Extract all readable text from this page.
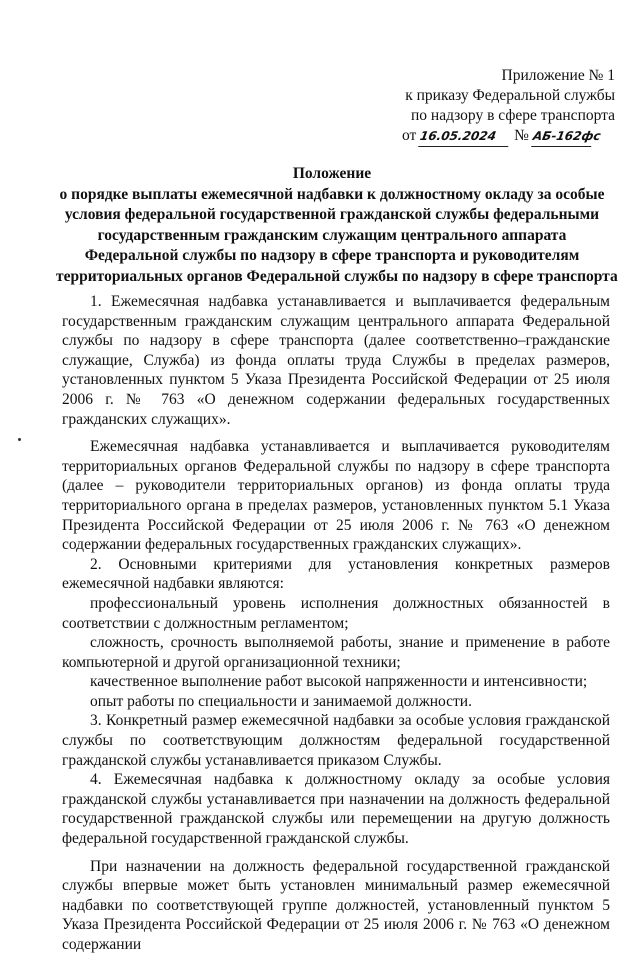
Приложение № 1
к приказу Федеральной службы
по надзору в сфере транспорта
от 16.05.2024 № АБ-162фс
Положение
о порядке выплаты ежемесячной надбавки к должностному окладу за особые
условия федеральной государственной гражданской службы федеральными
государственным гражданским служащим центрального аппарата
Федеральной службы по надзору в сфере транспорта и руководителям
территориальных органов Федеральной службы по надзору в сфере транспорта

1. Ежемесячная надбавка устанавливается и выплачивается федеральным государственным гражданским служащим центрального аппарата Федеральной службы по надзору в сфере транспорта (далее соответственно–гражданские служащие, Служба) из фонда оплаты труда Службы в пределах размеров, установленных пунктом 5 Указа Президента Российской Федерации от 25 июля 2006 г. № 763 «О денежном содержании федеральных государственных гражданских служащих».

Ежемесячная надбавка устанавливается и выплачивается руководителям территориальных органов Федеральной службы по надзору в сфере транспорта (далее – руководители территориальных органов) из фонда оплаты труда территориального органа в пределах размеров, установленных пунктом 5.1 Указа Президента Российской Федерации от 25 июля 2006 г. № 763 «О денежном содержании федеральных государственных гражданских служащих».

2. Основными критериями для установления конкретных размеров ежемесячной надбавки являются:

профессиональный уровень исполнения должностных обязанностей в соответствии с должностным регламентом;

сложность, срочность выполняемой работы, знание и применение в работе компьютерной и другой организационной техники;

качественное выполнение работ высокой напряженности и интенсивности;

опыт работы по специальности и занимаемой должности.

3. Конкретный размер ежемесячной надбавки за особые условия гражданской службы по соответствующим должностям федеральной государственной гражданской службы устанавливается приказом Службы.

4. Ежемесячная надбавка к должностному окладу за особые условия гражданской службы устанавливается при назначении на должность федеральной государственной гражданской службы или перемещении на другую должность федеральной государственной гражданской службы.

При назначении на должность федеральной государственной гражданской службы впервые может быть установлен минимальный размер ежемесячной надбавки по соответствующей группе должностей, установленный пунктом 5 Указа Президента Российской Федерации от 25 июля 2006 г. № 763 «О денежном содержании
